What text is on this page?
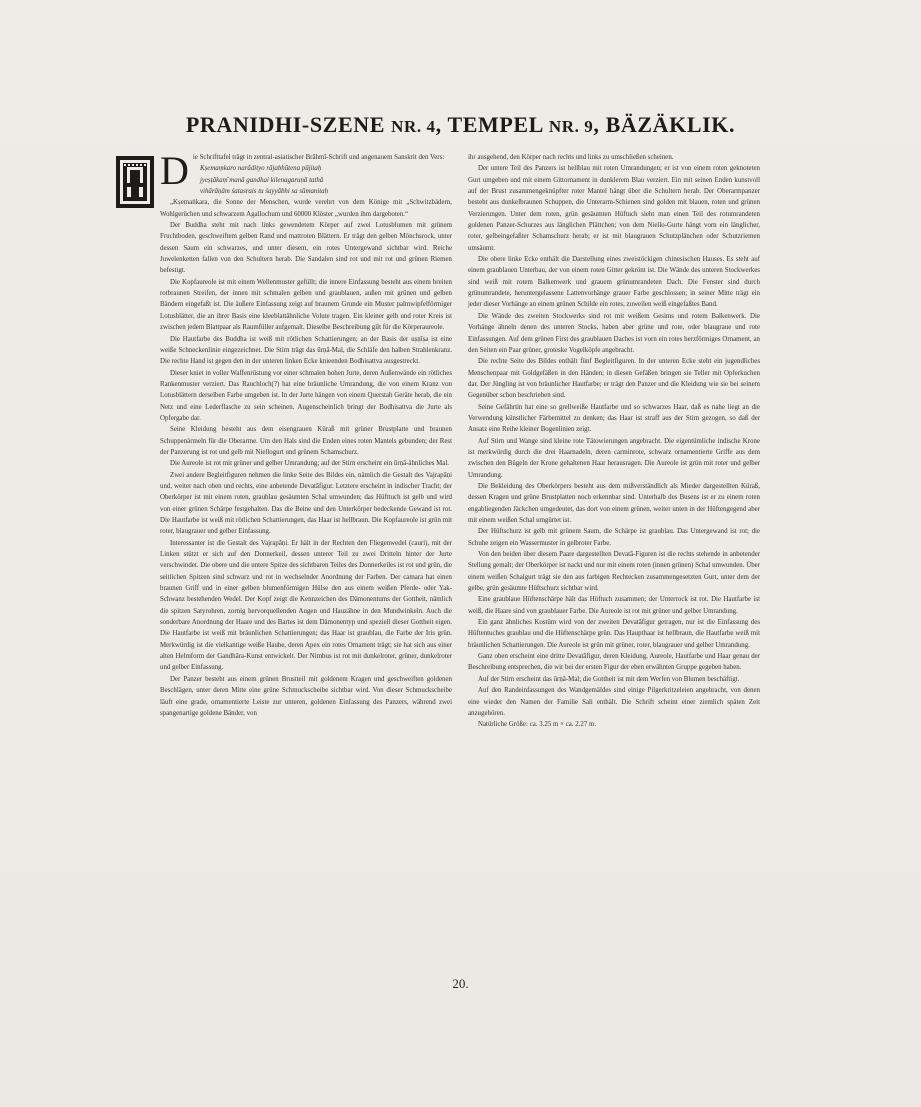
PRANIDHI-SZENE NR. 4, TEMPEL NR. 9, BÄZÄKLIK.
D ie Schrifttafel trägt in zentral-asiatischer Brāhmī-Schrift und angenauem Sanskrit den Vers:

Kṣemaṃkaro narādityo rājabhūtena pūjitaḥ
jyeṣṭākaṃ̄ manā gandhai kilenagaruṇā tathā
vihārāṇām śatasrais tu śayyābhi sa sūmanitaḥ

„Kṣemaṅkara, die Sonne der Menschen, wurde verehrt von dem Könige mit „Schwitzbädern, Wohlgerüchen und schwarzem Agallochum und 60000 Klöster „wurden ihm dargeboten.“

Der Buddha steht mit nach links gewendetem Körper auf zwei Lotusblumen mit grünem Fruchtboden, geschweiftem gelben Rand und mattroten Blättern. Er trägt den gelben Mönchsrock, unter dessen Saum ein schwarzes, und unter diesem, ein rotes Untergewand sichtbar wird. Reiche Juwelenketten fallen von den Schultern herab. Die Sandalen sind rot und mit rot und grünen Riemen befestigt.

Die Kopfaureole ist mit einem Wellenmuster gefüllt; die innere Einfassung besteht aus einem breiten rotbraunen Streifen, der innen mit schmalen gelben und graublauen, außen mit grünen und gelben Bändern eingefaßt ist. Die äußere Einfassung zeigt auf braunem Grunde ein Muster palmwipfelförmiger Lotusblätter, die an ihrer Basis eine kleeblattähnliche Volute tragen. Ein kleiner gelb und roter Kreis ist zwischen jedem Blattpaar als Raumfüller aufgemalt. Dieselbe Beschreibung gilt für die Körperaureole.

Die Hautfarbe des Buddha ist weiß mit rötlichen Schattierungen; an der Basis der uṣṇīṣa ist eine weiße Schneckenlinie eingezeichnet. Die Stirn trägt das ūrṇā-Mal, die Schläfe den halben Strahlenkranz. Die rechte Hand ist gegen den in der unteren linken Ecke knieenden Bodhisattva ausgestreckt.

Dieser kniet in voller Waffenrüstung vor einer schmalen hohen Jurte, deren Außenwände ein rötliches Rankenmuster verziert. Das Rauchloch(?) hat eine bräunliche Umrandung, die von einem Kranz von Lotusblättern derselben Farbe umgeben ist. In der Jurte hängen von einem Querstab Geräte herab, die ein Netz und eine Lederflasche zu sein scheinen. Augenscheinlich bringt der Bodhisattva die Jurte als Opfergabe dar.

Seine Kleidung besteht aus dem eisengrauen Küraß mit grüner Brustplatte und braunen Schuppenärmeln für die Oberarme. Um den Hals sind die Enden eines roten Mantels gebunden; der Rest der Panzerung ist rot und gelb mit Niellogurt und grünem Schamschurz.

Die Aureole ist rot mit grüner und gelber Umrandung; auf der Stirn erscheint ein ūrṇā-ähnliches Mal.

Zwei andere Begleitfiguren nehmen die linke Seite des Bildes ein, nämlich die Gestalt des Vajrapāṇi und, weiter nach oben und rechts, eine anbetende Devatāfigur. Letztere erscheint in indischer Tracht; der Oberkörper ist mit einem roten, graublau gesäumten Schal umwunden; das Hüfttuch ist gelb und wird von einer grünen Schärpe festgehalten. Das die Beine und den Unterkörper bedeckende Gewand ist rot. Die Hautfarbe ist weiß mit rötlichen Schattierungen, das Haar ist hellbraun. Die Kopfaureole ist grün mit roter, blaugrauer und gelber Einfassung.

Interessanter ist die Gestalt des Vajrapāṇi. Er hält in der Rechten den Fliegenwedel (cauri), mit der Linken stützt er sich auf den Donnerkeil, dessen unterer Teil zu zwei Dritteln hinter der Jurte verschwindet. Die obere und die untere Spitze des sichtbaren Teiles des Donnerkeiles ist rot und grün, die seitlichen Spitzen sind schwarz und rot in wechselnder Anordnung der Farben. Der camara hat einen braunen Griff und in einer gelben blumenförmigen Hülse den aus einem weißen Pferde- oder Yak-Schwanz bestehenden Wedel. Der Kopf zeigt die Kennzeichen des Dämonentums der Gottheit, nämlich die spitzen Satyrohren, zornig hervorquellenden Augen und Hauzähne in den Mundwinkeln. Auch die sonderbare Anordnung der Haare und des Bartes ist dem Dämonentyp und speziell dieser Gottheit eigen. Die Hautfarbe ist weiß mit bräunlichen Schattierungen; das Haar ist graublau, die Farbe der Iris grün. Merkwürdig ist die vielkantige weiße Haube, deren Apex ein rotes Ornament trägt; sie hat sich aus einer alten Helmform der Gandhāra-Kunst entwickelt. Der Nimbus ist rot mit dunkelroter, grüner, dunkelroter und gelber Einfassung.

Der Panzer besteht aus einem grünen Brustteil mit goldenem Kragen und geschweiften goldenen Beschlägen, unter deren Mitte eine grüne Schmuckscheibe sichtbar wird. Von dieser Schmuckscheibe läuft eine grade, ornamentierte Leiste zur unteren, goldenen Einfassung des Panzers, während zwei spangenartige goldene Bänder, von

ihr ausgehend, den Körper nach rechts und links zu umschließen scheinen.

Der untere Teil des Panzers ist hellblau mit roten Umrandungen; er ist von einem roten geknoteten Gurt umgeben und mit einem Gittornament in dunklerem Blau verziert. Ein mit seinen Enden kunstvoll auf der Brust zusammengeknüpfter roter Mantel hängt über die Schultern herab. Der Oberarmpanzer besteht aus dunkelbraunen Schuppen, die Unterarm-Schienen sind golden mit blauen, roten und grünen Verzierungen. Unter dem roten, grün gesäumten Hüftuch sieht man einen Teil des rotumrandeten goldenen Panzer-Schurzes aus länglichen Plättchen; von dem Niello-Gurte hängt vorn ein länglicher, roter, gelbeingefaßter Schamschurz herab; er ist mit blaugrauen Schutzplänchen oder Schutzriemen umsäumt.

Die obere linke Ecke enthält die Darstellung eines zweistöckigen chinesischen Hauses. Es steht auf einem graublauen Unterbau, der von einem roten Gitter gekrönt ist. Die Wände des unteren Stockwerkes sind weiß mit rotem Balkenwerk und grauem grünumrandeten Dach. Die Fenster sind durch grünumrandete, heruntergelassene Lattenvorhänge grauer Farbe geschlossen; in seiner Mitte trägt ein jeder dieser Vorhänge an einem grünen Schilde ein rotes, zuweilen weiß eingefaßtes Band.

Die Wände des zweiten Stockwerks sind rot mit weißem Gesims und rotem Balkenwerk. Die Vorhänge ähneln denen des unteren Stocks, haben aber grüne und rote, oder blaugraue und rote Einfassungen. Auf dem grünen First des graublauen Daches ist vorn ein rotes herzförmiges Ornament, an den Seiten ein Paar grüner, groteske Vogelköpfe angebracht.

Die rechte Seite des Bildes enthält fünf Begleitfiguren. In der unteren Ecke steht ein jugendliches Menschenpaar mit Goldgefäßen in den Händen; in diesen Gefäßen bringen sie Teller mit Opferkuchen dar. Der Jüngling ist von bräunlicher Hautfarbe; er trägt den Panzer und die Kleidung wie sie bei seinem Gegenüber schon beschrieben sind.

Seine Gefährtin hat eine so grellweiße Hautfarbe und so schwarzes Haar, daß es nahe liegt an die Verwendung künstlicher Färbemittel zu denken; das Haar ist straff aus der Stirn gezogen, so daß der Ansatz eine Reihe kleiner Bogenlinien zeigt.

Auf Stirn und Wange sind kleine rote Tätowierungen angebracht. Die eigentümliche indische Krone ist merkwürdig durch die drei Haarnadeln, deren carminrote, schwarz ornamentierte Griffe aus dem zwischen den Bügeln der Krone gehaltenen Haar herausragen. Die Aureole ist grün mit roter und gelber Umrandung.

Die Bekleidung des Oberkörpers besteht aus dem mißverständlich als Mieder dargestellten Küraß, dessen Kragen und grüne Brustplatten noch erkennbar sind. Unterhalb des Busens ist er zu einem roten engabliegenden Jäckchen umgedeutet, das dort von einem grünen, weiter unten in der Hüftengegend aber mit einem weißen Schal umgürtet ist.

Der Hüftschurz ist gelb mit grünem Saum, die Schärpe ist graublau. Das Untergewand ist rot; die Schuhe zeigen ein Wassermuster in gelbroter Farbe.

Von den beiden über diesem Paare dargestellten Devatā-Figuren ist die rechts stehende in anbetender Stellung gemalt; der Oberkörper ist nackt und nur mit einem roten (innen grünen) Schal umwunden. Über einem weißen Schalgurt trägt sie den aus farbigen Rechtecken zusammengesetzten Gurt, unter dem der gelbe, grün gesäumte Hüftschurz sichtbar wird.

Eine graublaue Hüftenschärpe hält das Hüftuch zusammen; der Unterrock ist rot. Die Hautfarbe ist weiß, die Haare sind von graublauer Farbe. Die Aureole ist rot mit grüner und gelber Umrandung.

Ein ganz ähnliches Kostüm wird von der zweiten Devatāfigur getragen, nur ist die Einfassung des Hüftentuches graublau und die Hüftenschärpe grün. Das Haupthaar ist hellbraun, die Hautfarbe weiß mit bräunlichen Schattierungen. Die Aureole ist grün mit grüner, roter, blaugrauer und gelber Umrandung.

Ganz oben erscheint eine dritte Devatāfigur, deren Kleidung, Aureole, Hautfarbe und Haar genau der Beschreibung entsprechen, die wir bei der ersten Figur der eben erwähnten Gruppe gegeben haben.

Auf der Stirn erscheint das ūrṇā-Mal; die Gottheit ist mit dem Werfen von Blumen beschäftigt.

Auf den Randeinfassungen des Wandgemäldes sind einige Pilgerkritzeleien angebracht, von denen eine wieder den Namen der Familie Sali enthält. Die Schrift scheint einer ziemlich späten Zeit anzugehören.

Natürliche Größe: ca. 3.25 m × ca. 2.27 m.

20.
